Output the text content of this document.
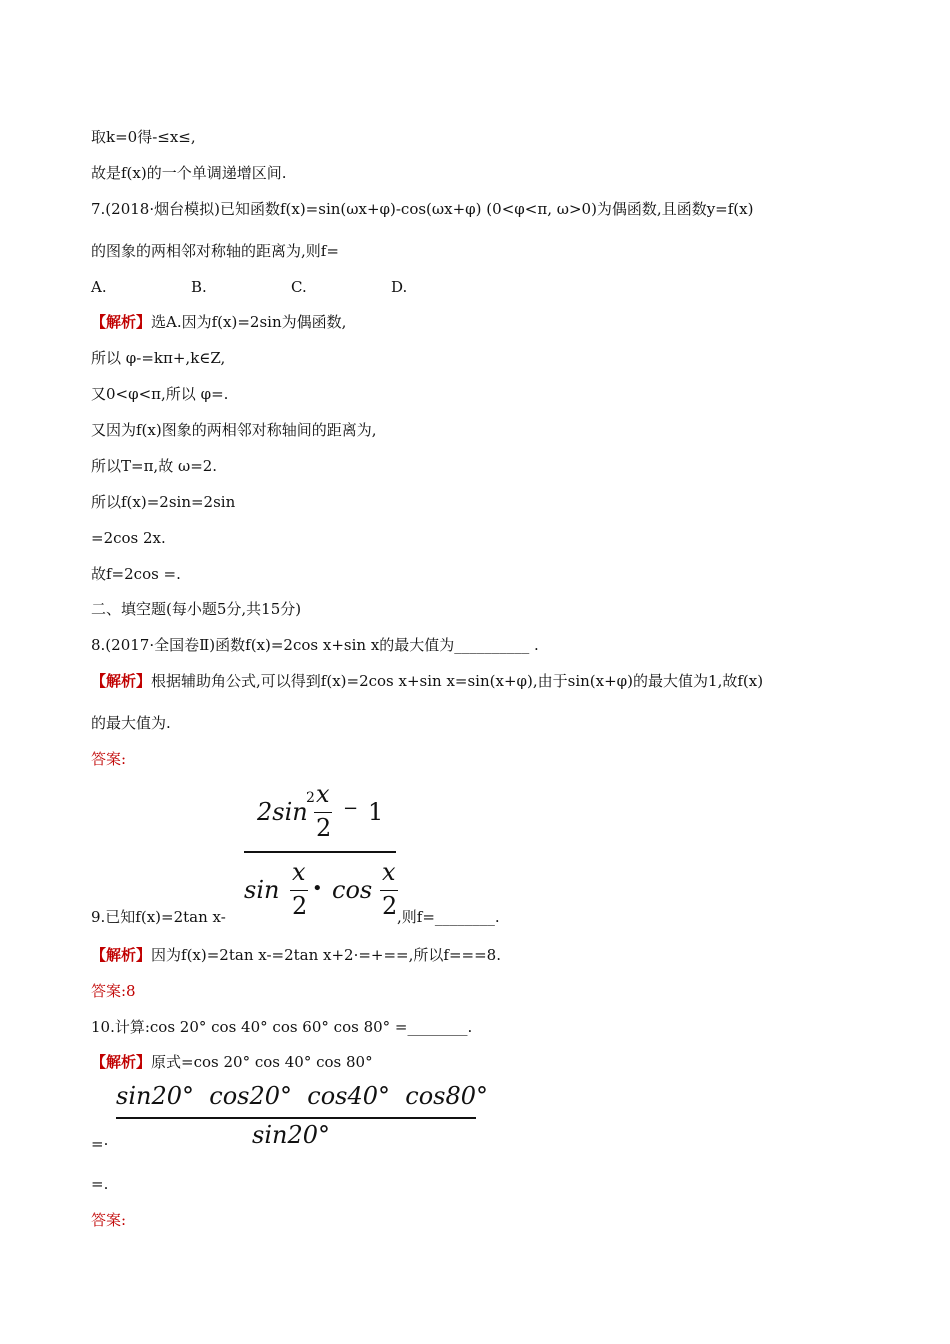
取k=0得-≤x≤,
故是f(x)的一个单调递增区间.
7.(2018·烟台模拟)已知函数f(x)=sin(ωx+φ)-cos(ωx+φ) (0<φ<π, ω>0)为偶函数,且函数y=f(x)
的图象的两相邻对称轴的距离为,则f=
A.	B.	C.	D.
【解析】选A.因为f(x)=2sin为偶函数,
所以 φ-=kπ+,k∈Z,
又0<φ<π,所以 φ=.
又因为f(x)图象的两相邻对称轴间的距离为,
所以T=π,故 ω=2.
所以f(x)=2sin=2sin
=2cos 2x.
故f=2cos =.
二、填空题(每小题5分,共15分)
8.(2017·全国卷Ⅱ)函数f(x)=2cos x+sin x的最大值为__________ .
【解析】根据辅助角公式,可以得到f(x)=2cos x+sin x=sin(x+φ),由于sin(x+φ)的最大值为1,故f(x)
的最大值为.
答案:
2sin
2 x
2
− 1
sin
x
2
• cos
x
2
9.已知f(x)=2tan x-	,则f=________.
【解析】因为f(x)=2tan x-=2tan x+2·=+==,所以f===8.
答案:8
10.计算:cos 20° cos 40° cos 60° cos 80° =________.
【解析】原式=cos 20° cos 40° cos 80°
sin20°  cos20°  cos40°  cos80°
sin20°
=·
=.
答案:
